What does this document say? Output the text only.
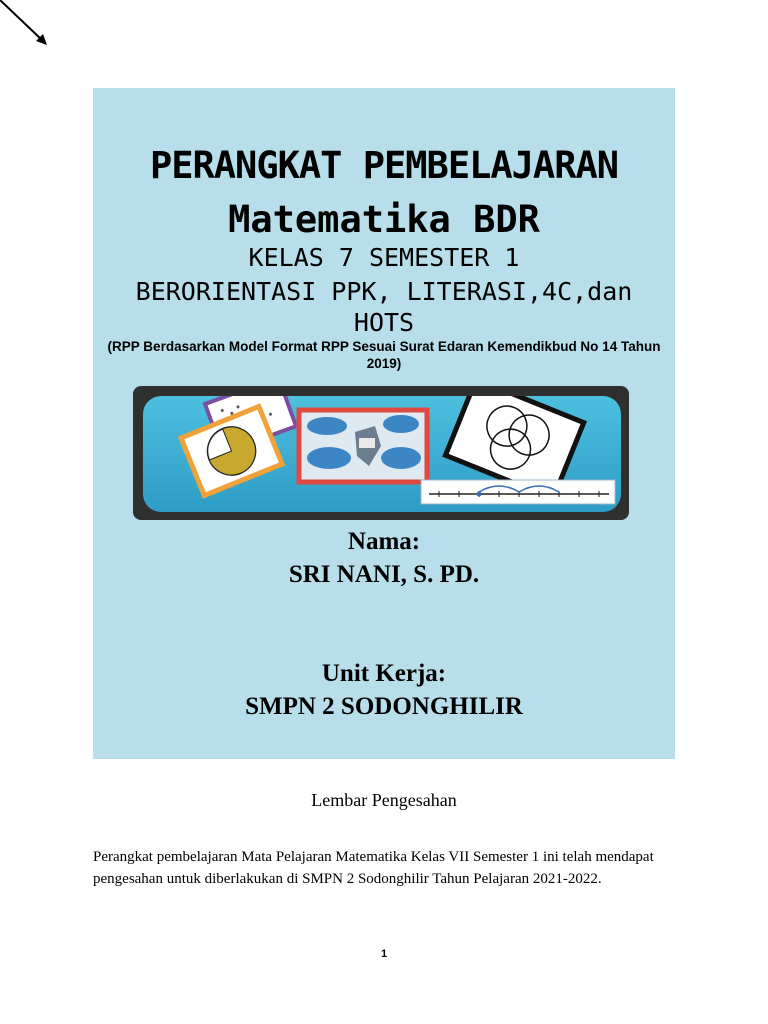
PERANGKAT PEMBELAJARAN
Matematika BDR
KELAS 7 SEMESTER 1
BERORIENTASI PPK, LITERASI,4C,dan HOTS
(RPP Berdasarkan Model Format RPP Sesuai Surat Edaran Kemendikbud No 14 Tahun 2019)
Nama:
SRI NANI, S. PD.
Unit Kerja:
SMPN 2 SODONGHILIR
Lembar Pengesahan
Perangkat pembelajaran Mata Pelajaran Matematika Kelas VII Semester 1 ini telah mendapat pengesahan untuk diberlakukan di SMPN 2 Sodonghilir Tahun Pelajaran 2021-2022.
1
